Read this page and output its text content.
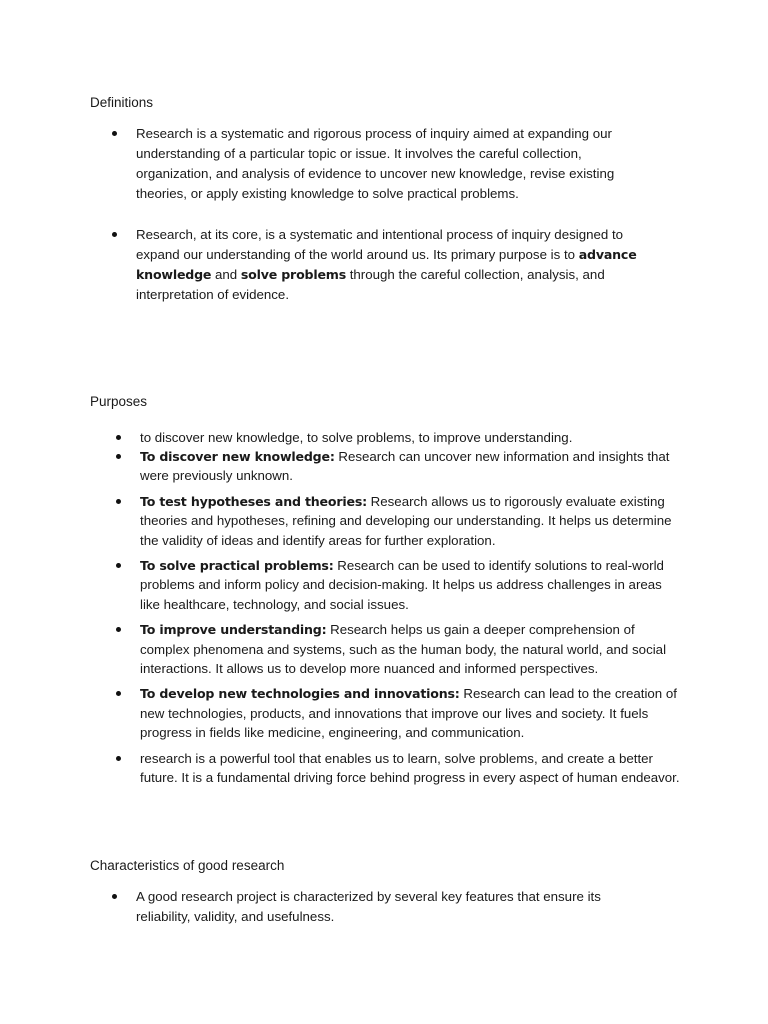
Definitions
Research is a systematic and rigorous process of inquiry aimed at expanding our understanding of a particular topic or issue. It involves the careful collection, organization, and analysis of evidence to uncover new knowledge, revise existing theories, or apply existing knowledge to solve practical problems.
Research, at its core, is a systematic and intentional process of inquiry designed to expand our understanding of the world around us. Its primary purpose is to advance knowledge and solve problems through the careful collection, analysis, and interpretation of evidence.
Purposes
to discover new knowledge, to solve problems, to improve understanding.
To discover new knowledge: Research can uncover new information and insights that were previously unknown.
To test hypotheses and theories: Research allows us to rigorously evaluate existing theories and hypotheses, refining and developing our understanding. It helps us determine the validity of ideas and identify areas for further exploration.
To solve practical problems: Research can be used to identify solutions to real-world problems and inform policy and decision-making. It helps us address challenges in areas like healthcare, technology, and social issues.
To improve understanding: Research helps us gain a deeper comprehension of complex phenomena and systems, such as the human body, the natural world, and social interactions. It allows us to develop more nuanced and informed perspectives.
To develop new technologies and innovations: Research can lead to the creation of new technologies, products, and innovations that improve our lives and society. It fuels progress in fields like medicine, engineering, and communication.
research is a powerful tool that enables us to learn, solve problems, and create a better future. It is a fundamental driving force behind progress in every aspect of human endeavor.
Characteristics of good research
A good research project is characterized by several key features that ensure its reliability, validity, and usefulness.
